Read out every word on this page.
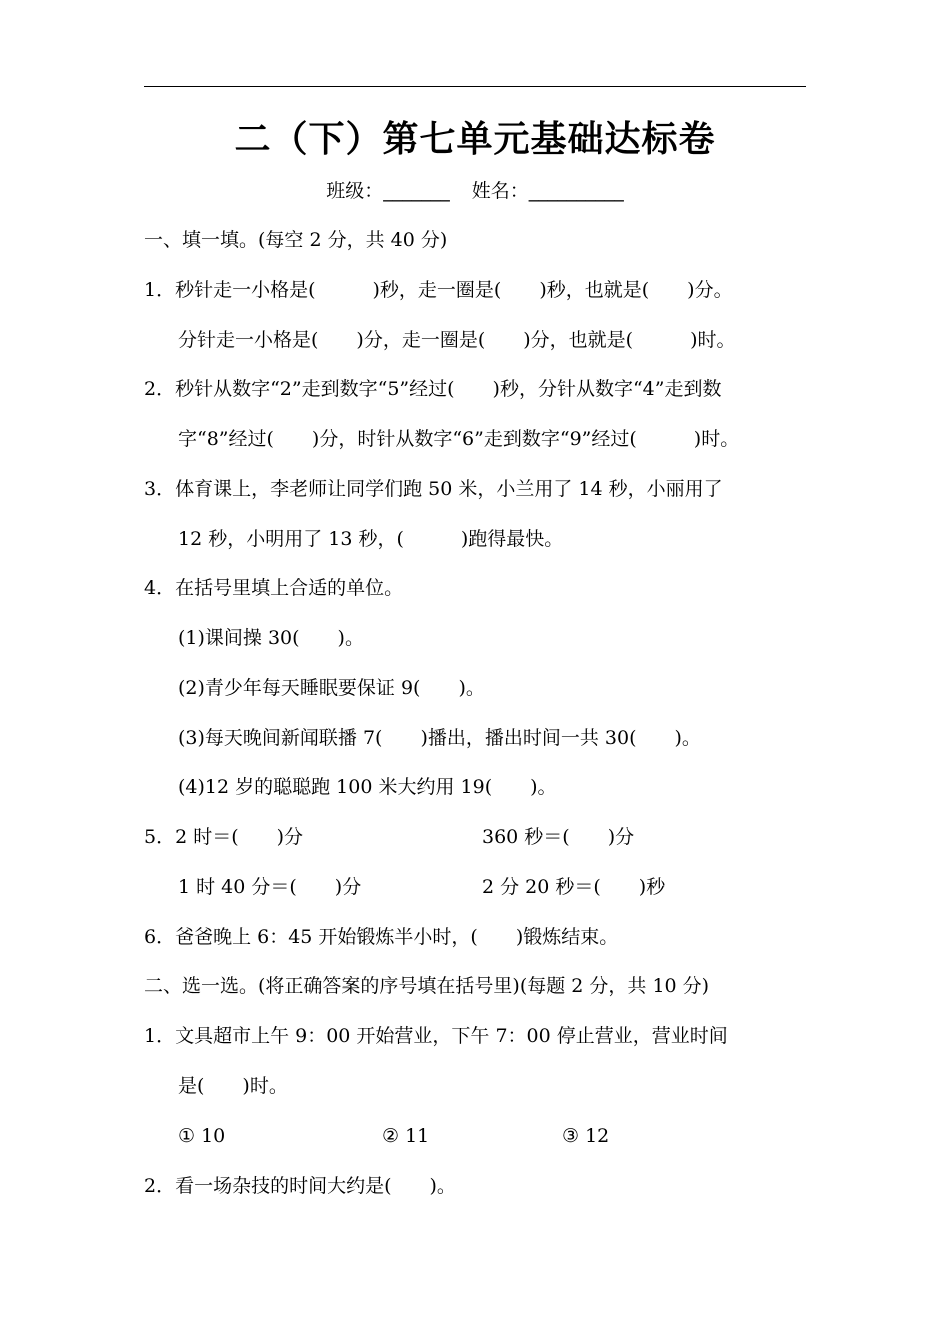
二（下）第七单元基础达标卷
班级：_______ 姓名：__________
一、填一填。(每空 2 分，共 40 分)
1．秒针走一小格是(　　　)秒，走一圈是(　　)秒，也就是(　　)分。
分针走一小格是(　　)分，走一圈是(　　)分，也就是(　　　)时。
2．秒针从数字“2”走到数字“5”经过(　　)秒，分针从数字“4”走到数
字“8”经过(　　)分，时针从数字“6”走到数字“9”经过(　　　)时。
3．体育课上，李老师让同学们跑 50 米，小兰用了 14 秒，小丽用了
12 秒，小明用了 13 秒，(　　　)跑得最快。
4．在括号里填上合适的单位。
(1)课间操 30(　　)。
(2)青少年每天睡眠要保证 9(　　)。
(3)每天晚间新闻联播 7(　　)播出，播出时间一共 30(　　)。
(4)12 岁的聪聪跑 100 米大约用 19(　　)。
5．2 时＝(　　)分	360 秒＝(　　)分
1 时 40 分＝(　　)分	2 分 20 秒＝(　　)秒
6．爸爸晚上 6：45 开始锻炼半小时，(　　)锻炼结束。
二、选一选。(将正确答案的序号填在括号里)(每题 2 分，共 10 分)
1．文具超市上午 9：00 开始营业，下午 7：00 停止营业，营业时间
是(　　)时。
① 10	② 11	③ 12
2．看一场杂技的时间大约是(　　)。
